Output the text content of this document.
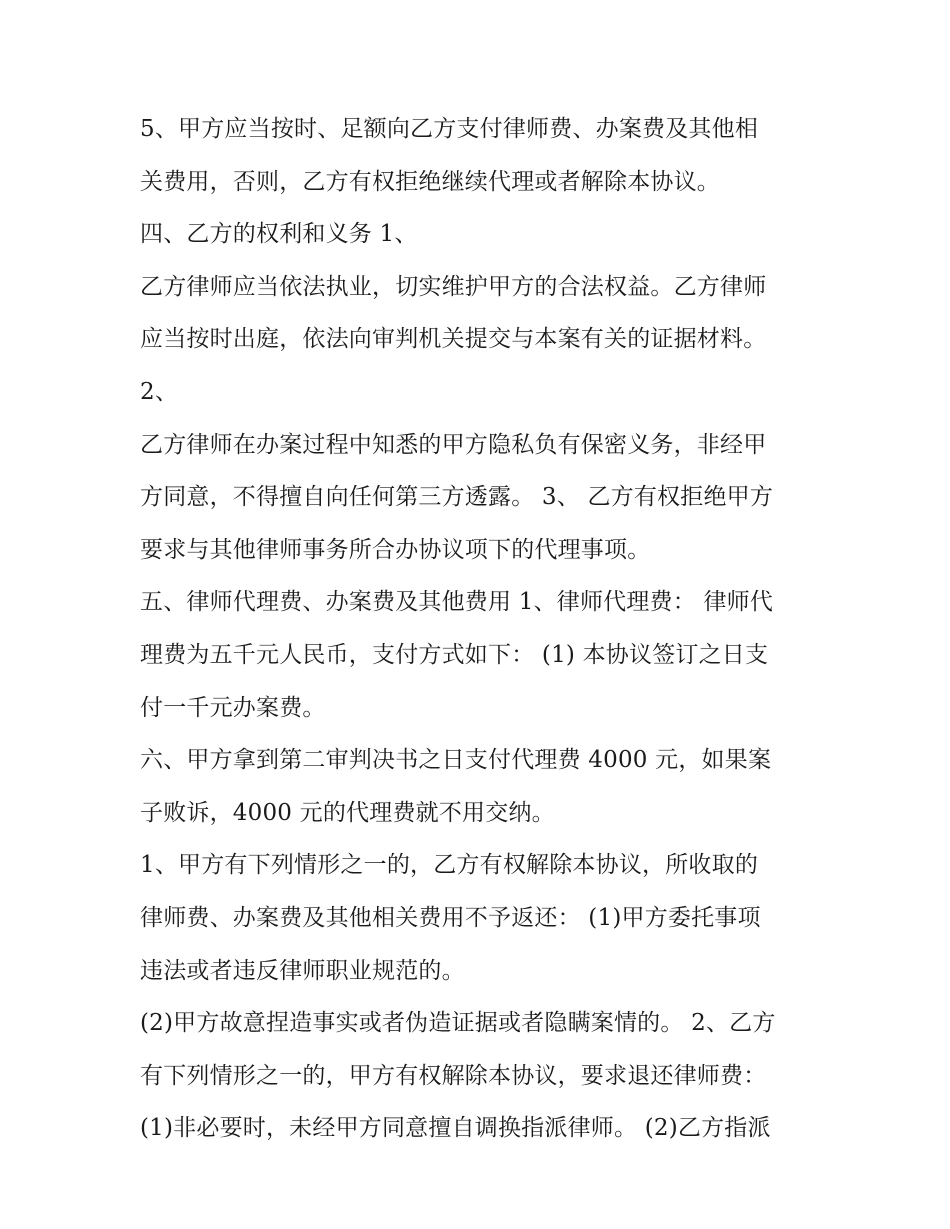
5、甲方应当按时、足额向乙方支付律师费、办案费及其他相
关费用，否则，乙方有权拒绝继续代理或者解除本协议。
四、乙方的权利和义务 1、
乙方律师应当依法执业，切实维护甲方的合法权益。乙方律师
应当按时出庭，依法向审判机关提交与本案有关的证据材料。
2、
乙方律师在办案过程中知悉的甲方隐私负有保密义务，非经甲
方同意，不得擅自向任何第三方透露。 3、 乙方有权拒绝甲方
要求与其他律师事务所合办协议项下的代理事项。
五、律师代理费、办案费及其他费用 1、律师代理费： 律师代
理费为五千元人民币，支付方式如下： (1) 本协议签订之日支
付一千元办案费。
六、甲方拿到第二审判决书之日支付代理费 4000 元，如果案
子败诉，4000 元的代理费就不用交纳。
1、甲方有下列情形之一的，乙方有权解除本协议，所收取的
律师费、办案费及其他相关费用不予返还： (1)甲方委托事项
违法或者违反律师职业规范的。
(2)甲方故意捏造事实或者伪造证据或者隐瞒案情的。 2、乙方
有下列情形之一的，甲方有权解除本协议，要求退还律师费：
(1)非必要时，未经甲方同意擅自调换指派律师。 (2)乙方指派
